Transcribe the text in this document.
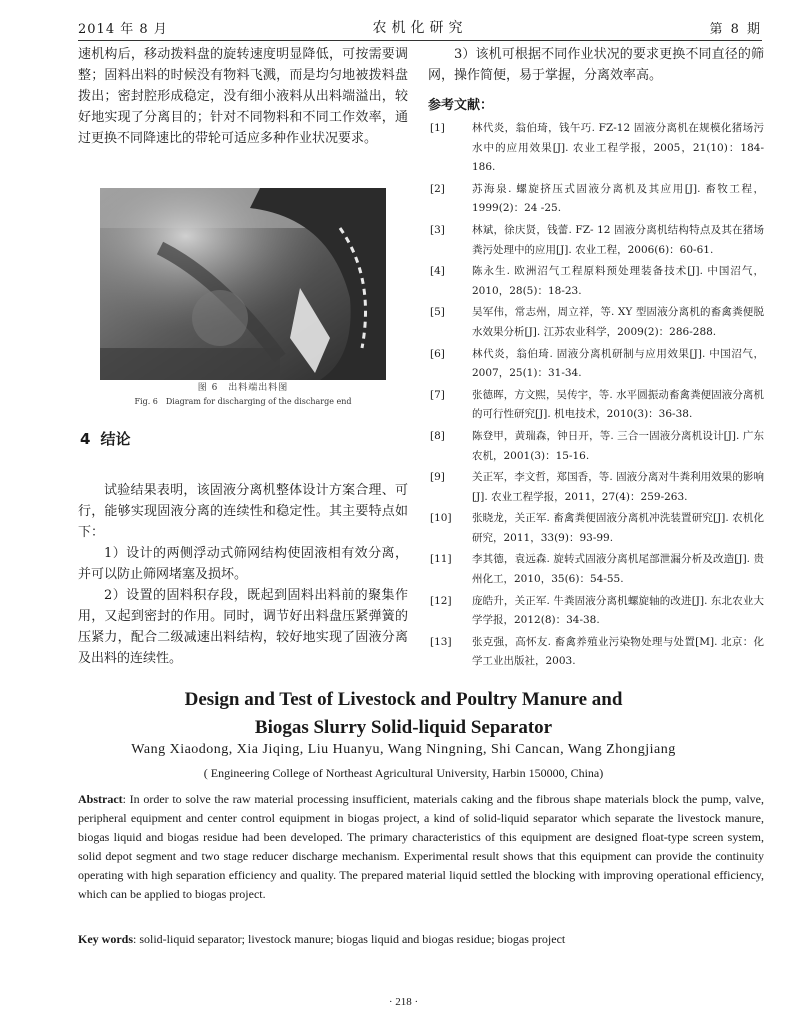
2014 年 8 月	农机化研究	第 8 期

速机构后，移动拨料盘的旋转速度明显降低，可按需要调整；固料出料的时候没有物料飞溅，而是均匀地被拨料盘拨出；密封腔形成稳定，没有细小液料从出料端溢出，较好地实现了分离目的；针对不同物料和不同工作效率，通过更换不同降速比的带轮可适应多种作业状况要求。

图 6　出料端出料图
Fig. 6　Diagram for discharging of the discharge end
4 结论

试验结果表明，该固液分离机整体设计方案合理、可行，能够实现固液分离的连续性和稳定性。其主要特点如下：

1）设计的两侧浮动式筛网结构使固液相有效分离，并可以防止筛网堵塞及损坏。

2）设置的固料积存段，既起到固料出料前的聚集作用，又起到密封的作用。同时，调节好出料盘压紧弹簧的压紧力，配合二级减速出料结构，较好地实现了固液分离及出料的连续性。

3）该机可根据不同作业状况的要求更换不同直径的筛网，操作简便，易于掌握，分离效率高。

参考文献：

[1]	林代炎，翁伯琦，钱午巧. FZ-12 固液分离机在规模化猪场污水中的应用效果[J]. 农业工程学报，2005，21(10)：184-186.
[2]	苏海泉. 螺旋挤压式固液分离机及其应用[J]. 畜牧工程，1999(2)：24 -25.
[3]	林斌，徐庆贤，钱蕾. FZ- 12 固液分离机结构特点及其在猪场粪污处理中的应用[J]. 农业工程，2006(6)：60-61.
[4]	陈永生. 欧洲沼气工程原料预处理装备技术[J]. 中国沼气，2010，28(5)：18-23.
[5]	吴军伟，常志州，周立祥，等. XY 型固液分离机的畜禽粪便脱水效果分析[J]. 江苏农业科学，2009(2)：286-288.
[6]	林代炎，翁伯琦. 固液分离机研制与应用效果[J]. 中国沼气，2007，25(1)：31-34.
[7]	张德晖，方文熙，吴传宇，等. 水平圆振动畜禽粪便固液分离机的可行性研究[J]. 机电技术，2010(3)：36-38.
[8]	陈登甲，黄瑞森，钟日开，等. 三合一固液分离机设计[J]. 广东农机，2001(3)：15-16.
[9]	关正军，李文哲，郑国香，等. 固液分离对牛粪利用效果的影响[J]. 农业工程学报，2011，27(4)：259-263.
[10] 张晓龙，关正军. 畜禽粪便固液分离机冲洗装置研究[J]. 农机化研究，2011，33(9)：93-99.
[11] 李其德，袁远森. 旋转式固液分离机尾部泄漏分析及改造[J]. 贵州化工，2010，35(6)：54-55.
[12] 庞皓升，关正军. 牛粪固液分离机螺旋轴的改进[J]. 东北农业大学学报，2012(8)：34-38.
[13] 张克强，高怀友. 畜禽养殖业污染物处理与处置[M]. 北京：化学工业出版社，2003.
Design and Test of Livestock and Poultry Manure and
Biogas Slurry Solid-liquid Separator
Wang Xiaodong, Xia Jiqing, Liu Huanyu, Wang Ningning, Shi Cancan, Wang Zhongjiang
( Engineering College of Northeast Agricultural University, Harbin 150000, China)

Abstract: In order to solve the raw material processing insufficient, materials caking and the fibrous shape materials block the pump, valve, peripheral equipment and center control equipment in biogas project, a kind of solid-liquid separator which separate the livestock manure, biogas liquid and biogas residue had been developed. The primary characteristics of this equipment are designed float-type screen system, solid depot segment and two stage reducer discharge mechanism. Experimental result shows that this equipment can provide the continuity operating with high separation efficiency and quality. The prepared material liquid settled the blocking with improving operational efficiency, which can be applied to biogas project.

Key words: solid-liquid separator; livestock manure; biogas liquid and biogas residue; biogas project
· 218 ·
